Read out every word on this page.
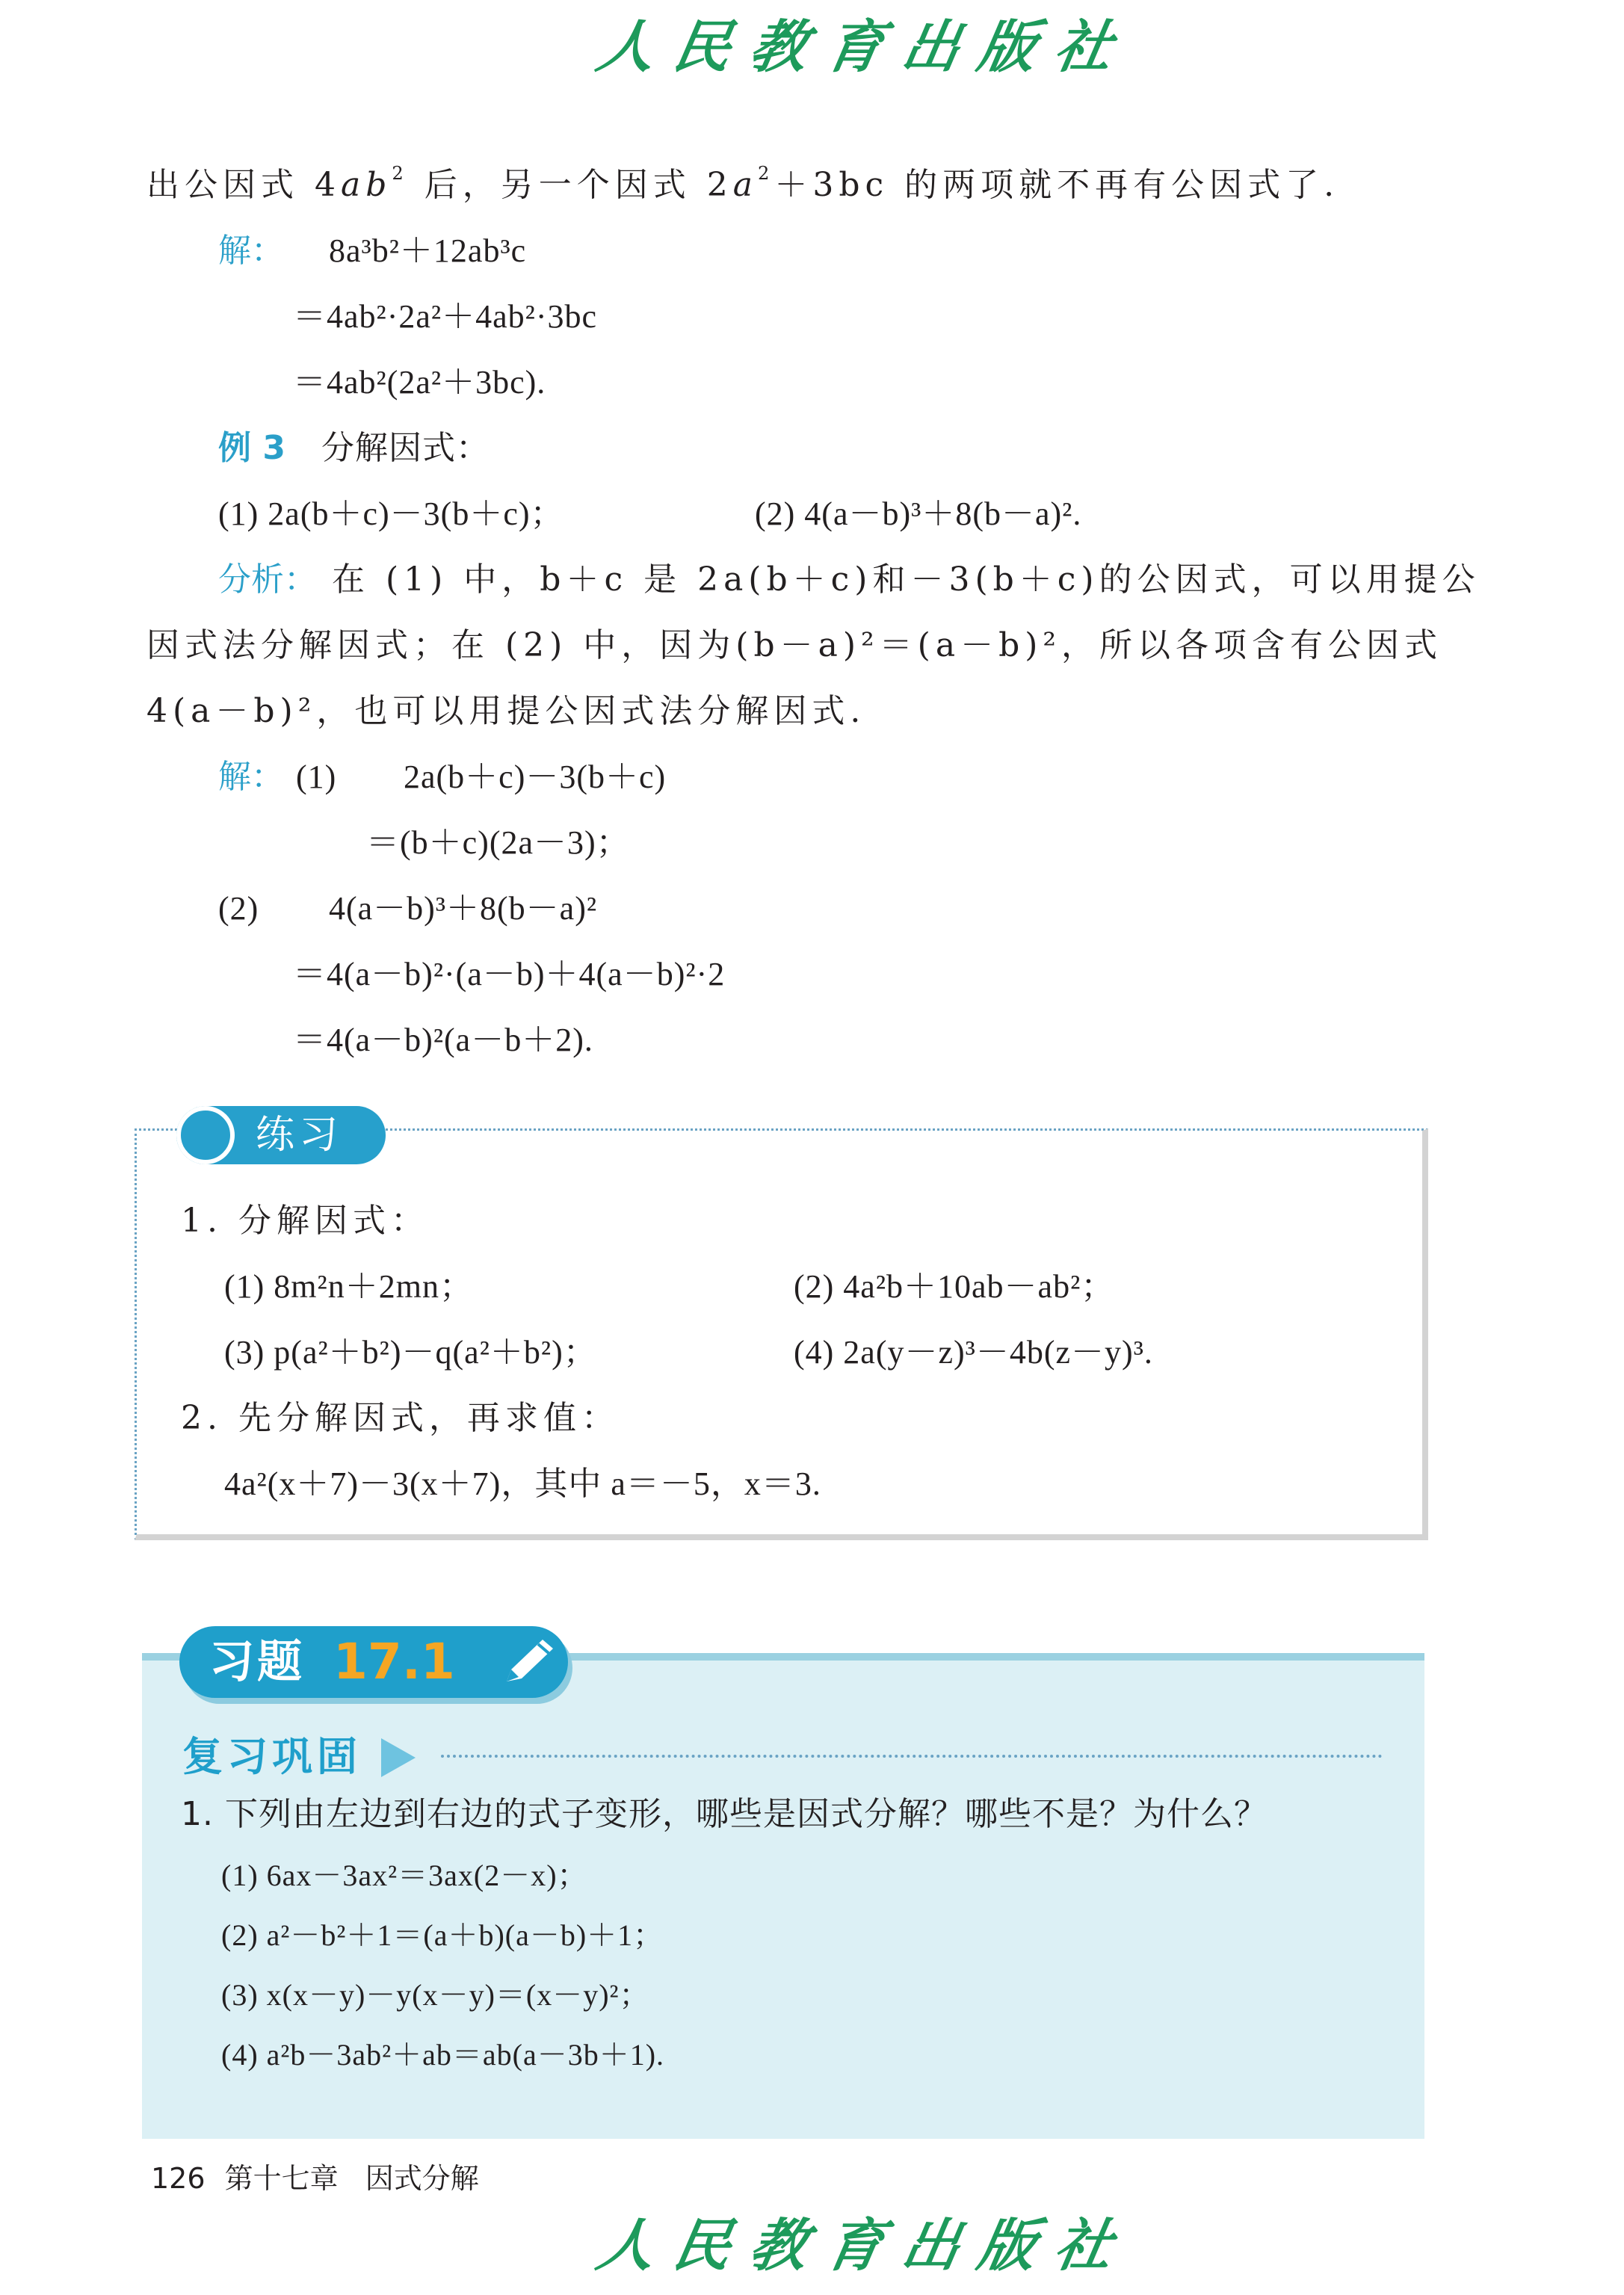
人民教育出版社
出公因式 $4ab^2$ 后，另一个因式 $2a^2+3bc$ 的两项就不再有公因式了.
解： 8a³b²＋12ab³c
＝4ab²·2a²＋4ab²·3bc
＝4ab²(2a²＋3bc).
例 3 分解因式：
(1) 2a(b＋c)－3(b＋c)；	(2) 4(a－b)³＋8(b－a)².
分析： 在 (1) 中，b＋c 是 2a(b＋c)和－3(b＋c)的公因式，可以用提公
因式法分解因式；在 (2) 中，因为(b－a)²＝(a－b)²，所以各项含有公因式
4(a－b)²，也可以用提公因式法分解因式.
解： (1) 2a(b＋c)－3(b＋c)
＝(b＋c)(2a－3)；
(2) 4(a－b)³＋8(b－a)²
＝4(a－b)²·(a－b)＋4(a－b)²·2
＝4(a－b)²(a－b＋2).
练习
1. 分解因式：
(1) 8m²n＋2mn；	(2) 4a²b＋10ab－ab²；
(3) p(a²＋b²)－q(a²＋b²)；	(4) 2a(y－z)³－4b(z－y)³.
2. 先分解因式，再求值：
4a²(x＋7)－3(x＋7)，其中 a＝－5，x＝3.
习题 17.1
复习巩固
1. 下列由左边到右边的式子变形，哪些是因式分解？哪些不是？为什么？
(1) 6ax－3ax²＝3ax(2－x)；
(2) a²－b²＋1＝(a＋b)(a－b)＋1；
(3) x(x－y)－y(x－y)＝(x－y)²；
(4) a²b－3ab²＋ab＝ab(a－3b＋1).
126 第十七章 因式分解
人民教育出版社
